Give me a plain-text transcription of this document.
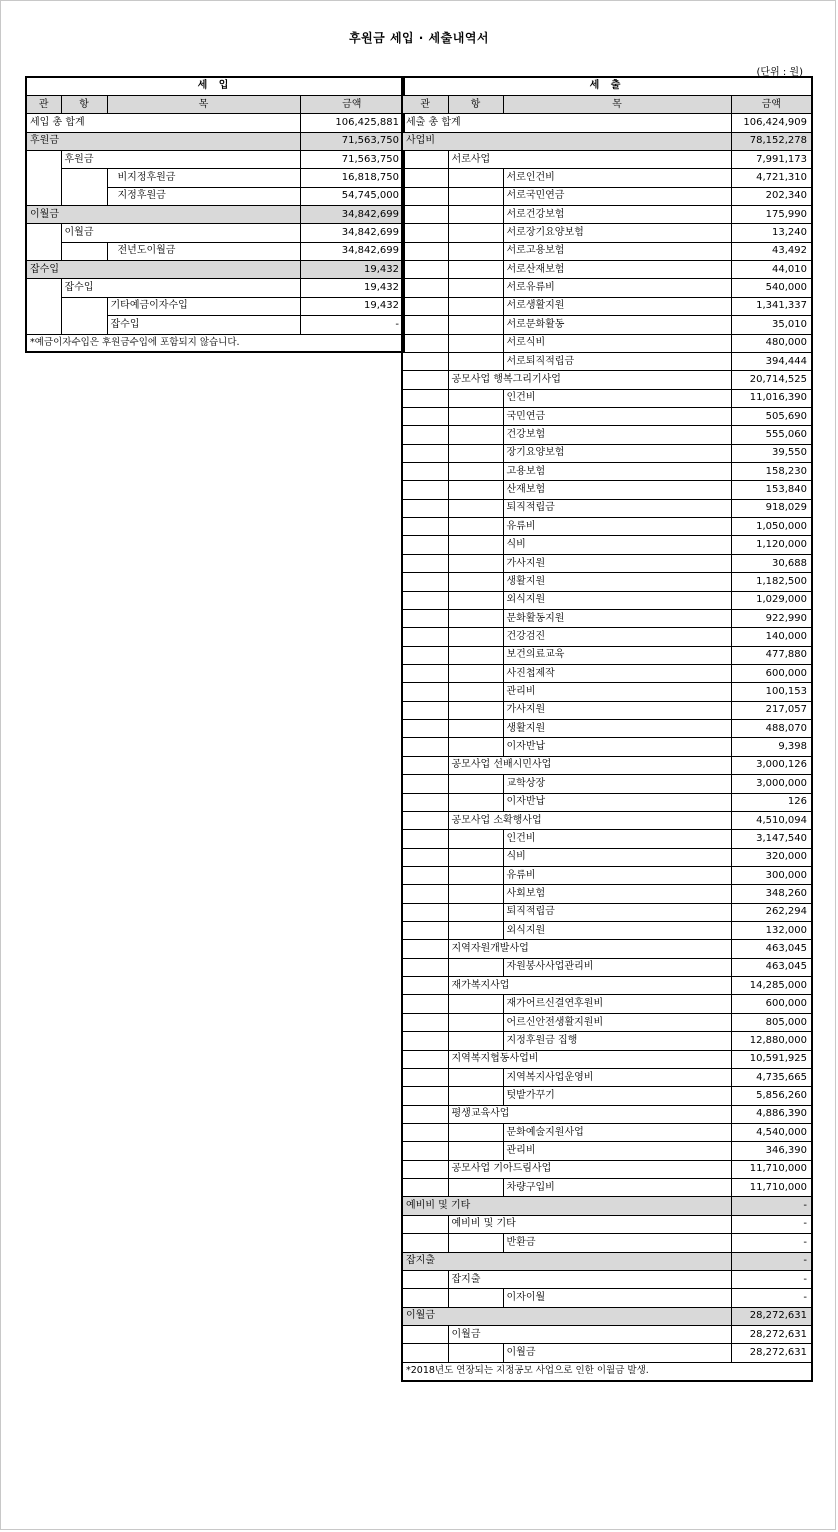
후원금 세입 · 세출내역서
(단위 : 원)
세 입			
관	항	목	금액
세입 총 합계			106,425,881
후원금			71,563,750
	후원금		71,563,750
		비지정후원금	16,818,750
		지정후원금	54,745,000
이월금			34,842,699
	이월금		34,842,699
		전년도이월금	34,842,699
잡수입			19,432
	잡수입		19,432
		기타예금이자수입	19,432
		잡수입	-
*예금이자수입은 후원금수입에 포함되지 않습니다.			
세 출			
관	항	목	금액
세출 총 합계			106,424,909
사업비			78,152,278
	서로사업		7,991,173
		서로인건비	4,721,310
		서로국민연금	202,340
		서로건강보험	175,990
		서로장기요양보험	13,240
		서로고용보험	43,492
		서로산재보험	44,010
		서로유류비	540,000
		서로생활지원	1,341,337
		서로문화활동	35,010
		서로식비	480,000
		서로퇴직적립금	394,444
	공모사업 행복그리기사업		20,714,525
		인건비	11,016,390
		국민연금	505,690
		건강보험	555,060
		장기요양보험	39,550
		고용보험	158,230
		산재보험	153,840
		퇴직적립금	918,029
		유류비	1,050,000
		식비	1,120,000
		가사지원	30,688
		생활지원	1,182,500
		외식지원	1,029,000
		문화활동지원	922,990
		건강검진	140,000
		보건의료교육	477,880
		사진첩제작	600,000
		관리비	100,153
		가사지원	217,057
		생활지원	488,070
		이자반납	9,398
	공모사업 선배시민사업		3,000,126
		교학상장	3,000,000
		이자반납	126
	공모사업 소확행사업		4,510,094
		인건비	3,147,540
		식비	320,000
		유류비	300,000
		사회보험	348,260
		퇴직적립금	262,294
		외식지원	132,000
	지역자원개발사업		463,045
		자원봉사사업관리비	463,045
	재가복지사업		14,285,000
		재가어르신결연후원비	600,000
		어르신안전생활지원비	805,000
		지정후원금 집행	12,880,000
	지역복지협동사업비		10,591,925
		지역복지사업운영비	4,735,665
		텃밭가꾸기	5,856,260
	평생교육사업		4,886,390
		문화예술지원사업	4,540,000
		관리비	346,390
	공모사업 기아드림사업		11,710,000
		차량구입비	11,710,000
예비비 및 기타			-
	예비비 및 기타		-
		반환금	-
잡지출			-
	잡지출		-
		이자이월	-
이월금			28,272,631
	이월금		28,272,631
		이월금	28,272,631
*2018년도 연장되는 지정공모 사업으로 인한 이월금 발생.			
